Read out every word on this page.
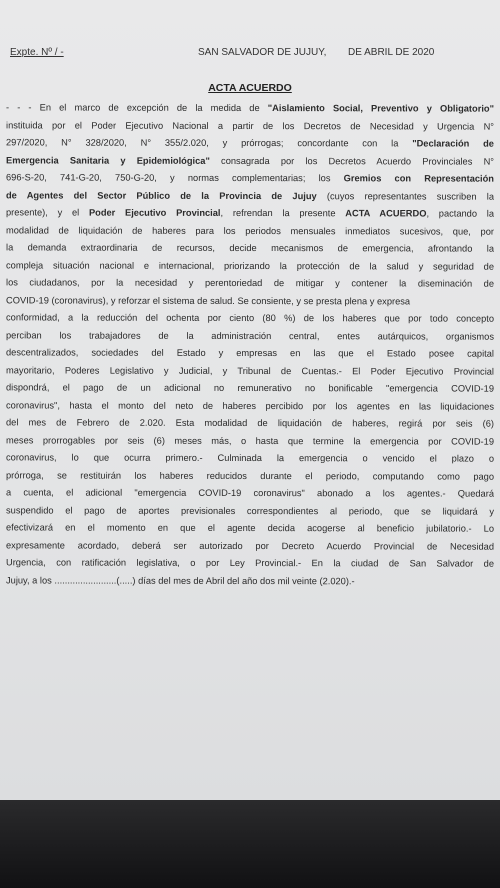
Expte. Nº / -	SAN SALVADOR DE JUJUY, DE ABRIL DE 2020
ACTA ACUERDO
- - - En el marco de excepción de la medida de "Aislamiento Social, Preventivo y Obligatorio"
instituida por el Poder Ejecutivo Nacional a partir de los Decretos de Necesidad y Urgencia N°
297/2020, N° 328/2020, N° 355/2.020, y prórrogas; concordante con la "Declaración de
Emergencia Sanitaria y Epidemiológica" consagrada por los Decretos Acuerdo Provinciales N°
696-S-20, 741-G-20, 750-G-20, y normas complementarias; los Gremios con Representación
de Agentes del Sector Público de la Provincia de Jujuy (cuyos representantes suscriben la
presente), y el Poder Ejecutivo Provincial, refrendan la presente ACTA ACUERDO, pactando la
modalidad de liquidación de haberes para los periodos mensuales inmediatos sucesivos, que, por
la demanda extraordinaria de recursos, decide mecanismos de emergencia, afrontando la
compleja situación nacional e internacional, priorizando la protección de la salud y seguridad de
los ciudadanos, por la necesidad y perentoriedad de mitigar y contener la diseminación de
COVID-19 (coronavirus), y reforzar el sistema de salud. Se consiente, y se presta plena y expresa
conformidad, a la reducción del ochenta por ciento (80 %) de los haberes que por todo concepto
perciban los trabajadores de la administración central, entes autárquicos, organismos
descentralizados, sociedades del Estado y empresas en las que el Estado posee capital
mayoritario, Poderes Legislativo y Judicial, y Tribunal de Cuentas.- El Poder Ejecutivo Provincial
dispondrá, el pago de un adicional no remunerativo no bonificable "emergencia COVID-19
coronavirus", hasta el monto del neto de haberes percibido por los agentes en las liquidaciones
del mes de Febrero de 2.020. Esta modalidad de liquidación de haberes, regirá por seis (6)
meses prorrogables por seis (6) meses más, o hasta que termine la emergencia por COVID-19
coronavirus, lo que ocurra primero.- Culminada la emergencia o vencido el plazo o
prórroga, se restituirán los haberes reducidos durante el periodo, computando como pago
a cuenta, el adicional "emergencia COVID-19 coronavirus" abonado a los agentes.- Quedará
suspendido el pago de aportes previsionales correspondientes al periodo, que se liquidará y
efectivizará en el momento en que el agente decida acogerse al beneficio jubilatorio.- Lo
expresamente acordado, deberá ser autorizado por Decreto Acuerdo Provincial de Necesidad
Urgencia, con ratificación legislativa, o por Ley Provincial.- En la ciudad de San Salvador de
Jujuy, a los ........................(.....) días del mes de Abril del año dos mil veinte (2.020).-
